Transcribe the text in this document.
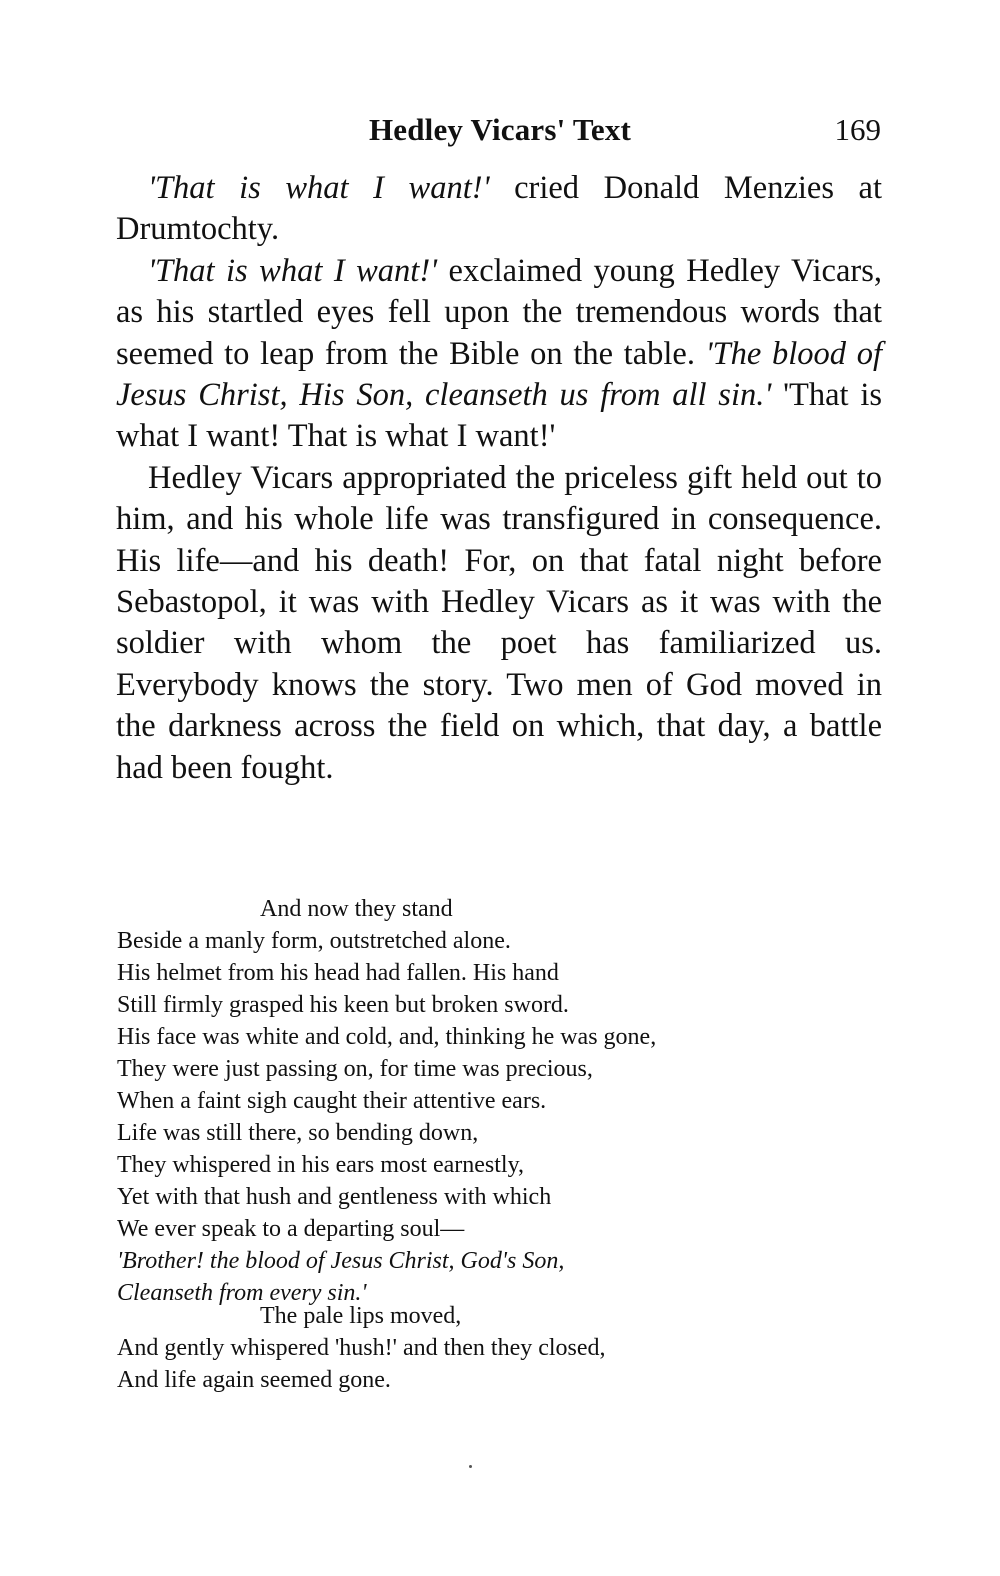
Hedley Vicars' Text	169

'That is what I want!' cried Donald Menzies at Drumtochty.

'That is what I want!' exclaimed young Hedley Vicars, as his startled eyes fell upon the tremendous words that seemed to leap from the Bible on the table. 'The blood of Jesus Christ, His Son, cleanseth us from all sin.' 'That is what I want! That is what I want!'

Hedley Vicars appropriated the priceless gift held out to him, and his whole life was transfigured in consequence. His life—and his death! For, on that fatal night before Sebastopol, it was with Hedley Vicars as it was with the soldier with whom the poet has familiarized us. Everybody knows the story. Two men of God moved in the darkness across the field on which, that day, a battle had been fought.

And now they stand
Beside a manly form, outstretched alone.
His helmet from his head had fallen. His hand
Still firmly grasped his keen but broken sword.
His face was white and cold, and, thinking he was gone,
They were just passing on, for time was precious,
When a faint sigh caught their attentive ears.
Life was still there, so bending down,
They whispered in his ears most earnestly,
Yet with that hush and gentleness with which
We ever speak to a departing soul—
'Brother! the blood of Jesus Christ, God's Son,
Cleanseth from every sin.'
The pale lips moved,
And gently whispered 'hush!' and then they closed,
And life again seemed gone.
